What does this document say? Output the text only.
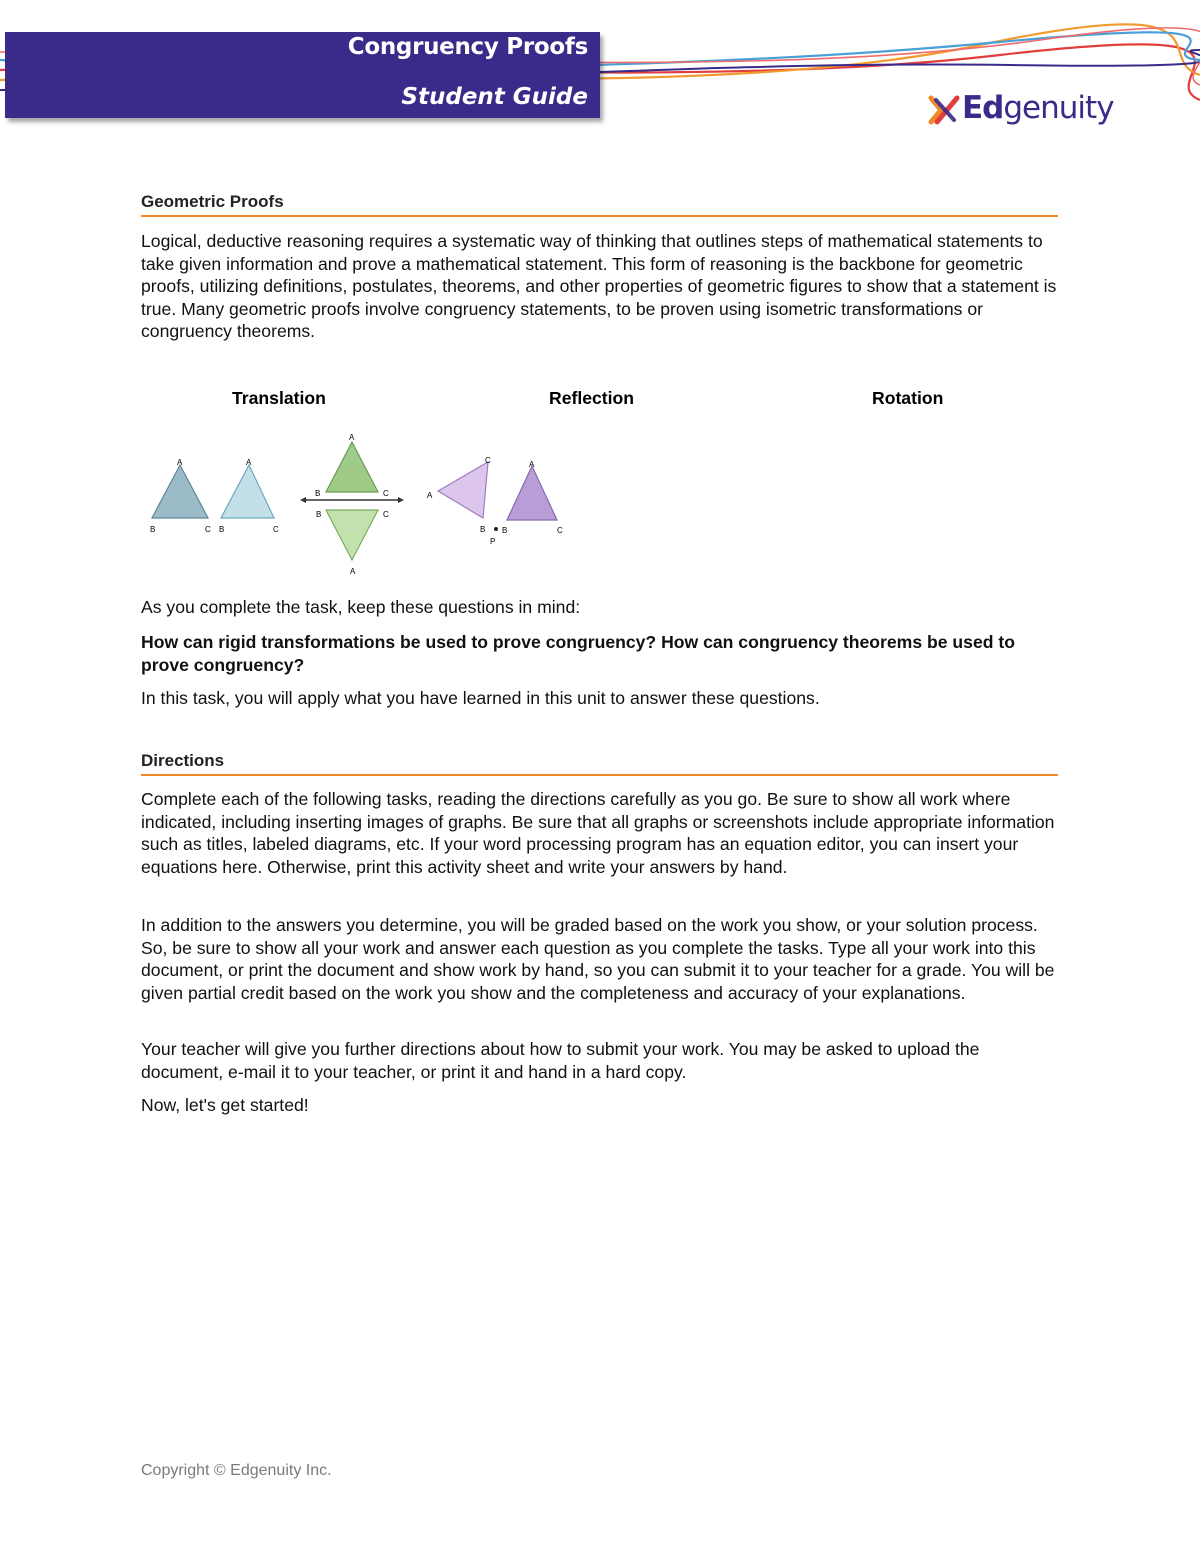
Congruency Proofs
Student Guide	Edgenuity
Geometric Proofs
Logical, deductive reasoning requires a systematic way of thinking that outlines steps of mathematical statements to take given information and prove a mathematical statement. This form of reasoning is the backbone for geometric proofs, utilizing definitions, postulates, theorems, and other properties of geometric figures to show that a statement is true. Many geometric proofs involve congruency statements, to be proven using isometric transformations or congruency theorems.
Translation	Reflection	Rotation
A
B	C
A
B	C
A
B	C
B	C
A
C
A
B
P
A
B	C
As you complete the task, keep these questions in mind:
How can rigid transformations be used to prove congruency? How can congruency theorems be used to prove congruency?
In this task, you will apply what you have learned in this unit to answer these questions.
Directions
Complete each of the following tasks, reading the directions carefully as you go. Be sure to show all work where indicated, including inserting images of graphs. Be sure that all graphs or screenshots include appropriate information such as titles, labeled diagrams, etc. If your word processing program has an equation editor, you can insert your equations here. Otherwise, print this activity sheet and write your answers by hand.
In addition to the answers you determine, you will be graded based on the work you show, or your solution process. So, be sure to show all your work and answer each question as you complete the tasks. Type all your work into this document, or print the document and show work by hand, so you can submit it to your teacher for a grade. You will be given partial credit based on the work you show and the completeness and accuracy of your explanations.
Your teacher will give you further directions about how to submit your work. You may be asked to upload the document, e-mail it to your teacher, or print it and hand in a hard copy.
Now, let's get started!
Copyright © Edgenuity Inc.
